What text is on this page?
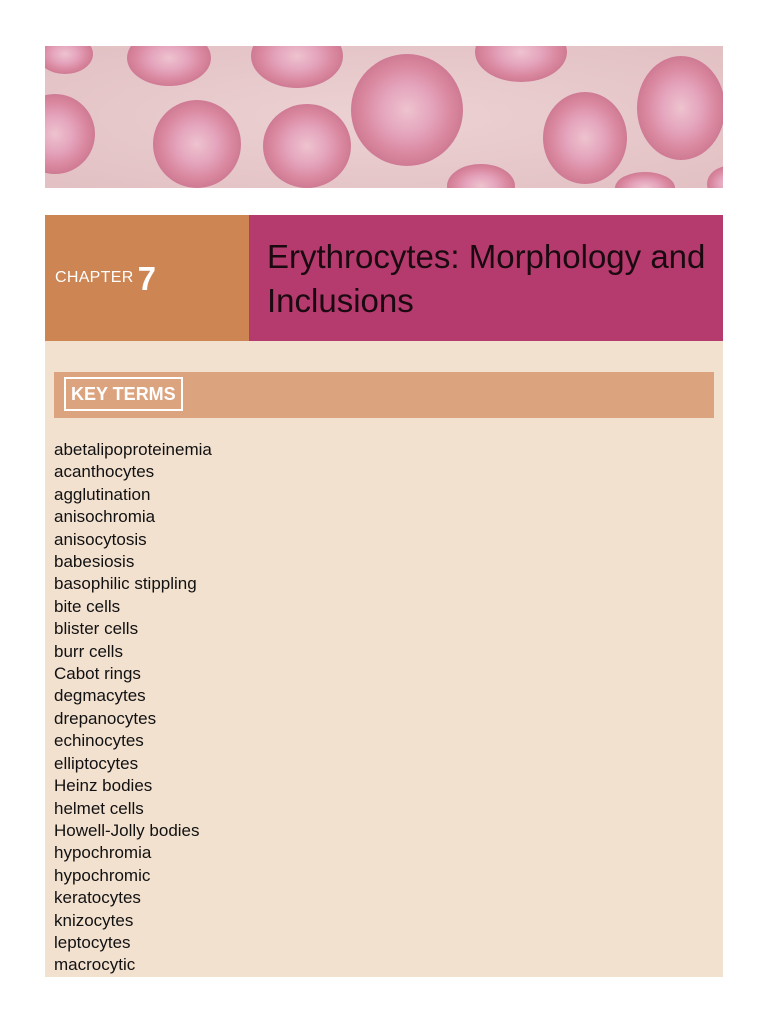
CHAPTER 7
Erythrocytes: Morphology and Inclusions
KEY TERMS
abetalipoproteinemia
acanthocytes
agglutination
anisochromia
anisocytosis
babesiosis
basophilic stippling
bite cells
blister cells
burr cells
Cabot rings
degmacytes
drepanocytes
echinocytes
elliptocytes
Heinz bodies
helmet cells
Howell-Jolly bodies
hypochromia
hypochromic
keratocytes
knizocytes
leptocytes
macrocytic
